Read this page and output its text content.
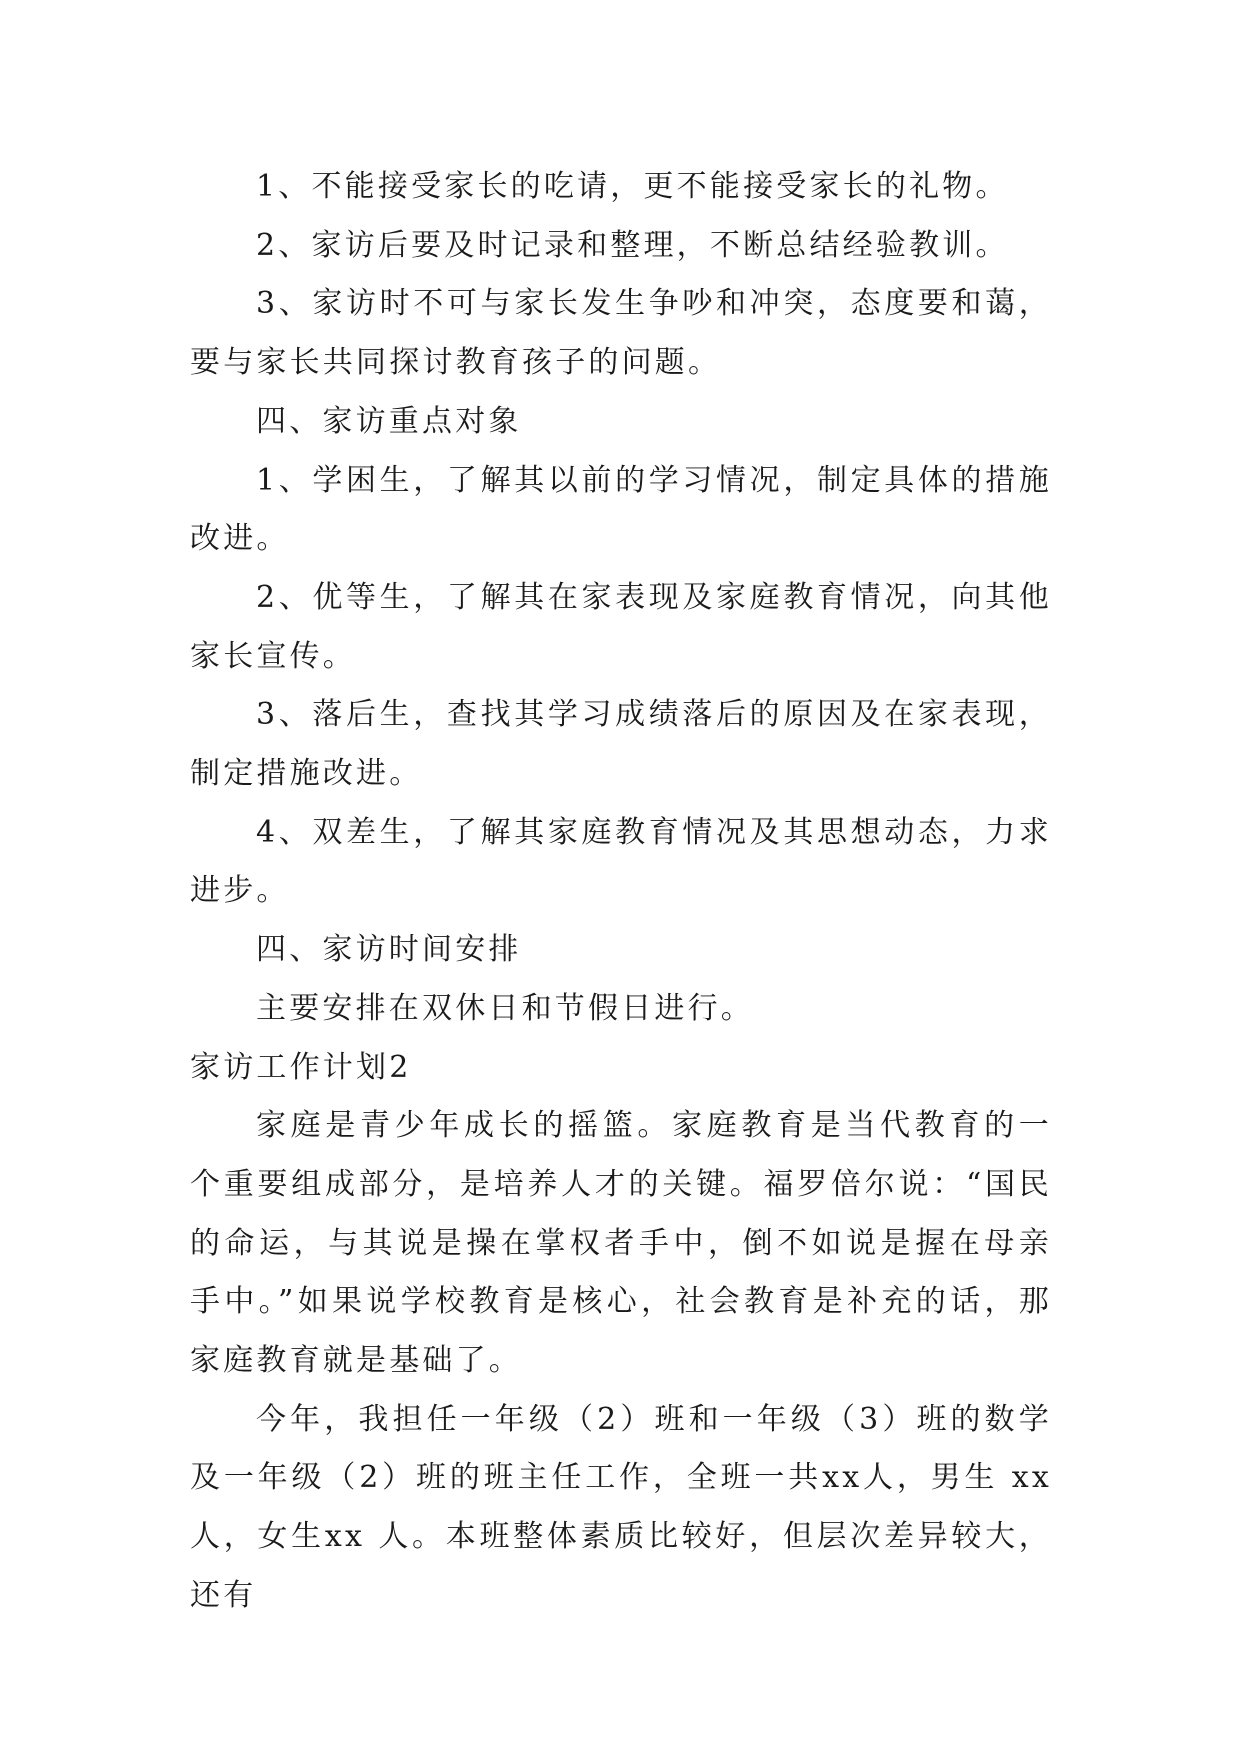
1、不能接受家长的吃请，更不能接受家长的礼物。

2、家访后要及时记录和整理，不断总结经验教训。

3、家访时不可与家长发生争吵和冲突，态度要和蔼，要与家长共同探讨教育孩子的问题。

四、家访重点对象

1、学困生，了解其以前的学习情况，制定具体的措施改进。

2、优等生，了解其在家表现及家庭教育情况，向其他家长宣传。

3、落后生，查找其学习成绩落后的原因及在家表现，制定措施改进。

4、双差生，了解其家庭教育情况及其思想动态，力求进步。

四、家访时间安排

主要安排在双休日和节假日进行。

家访工作计划2

家庭是青少年成长的摇篮。家庭教育是当代教育的一个重要组成部分，是培养人才的关键。福罗倍尔说：“国民的命运，与其说是操在掌权者手中，倒不如说是握在母亲手中。”如果说学校教育是核心，社会教育是补充的话，那家庭教育就是基础了。

今年，我担任一年级（2）班和一年级（3）班的数学及一年级（2）班的班主任工作，全班一共xx人，男生 xx 人，女生xx 人。本班整体素质比较好，但层次差异较大，还有
